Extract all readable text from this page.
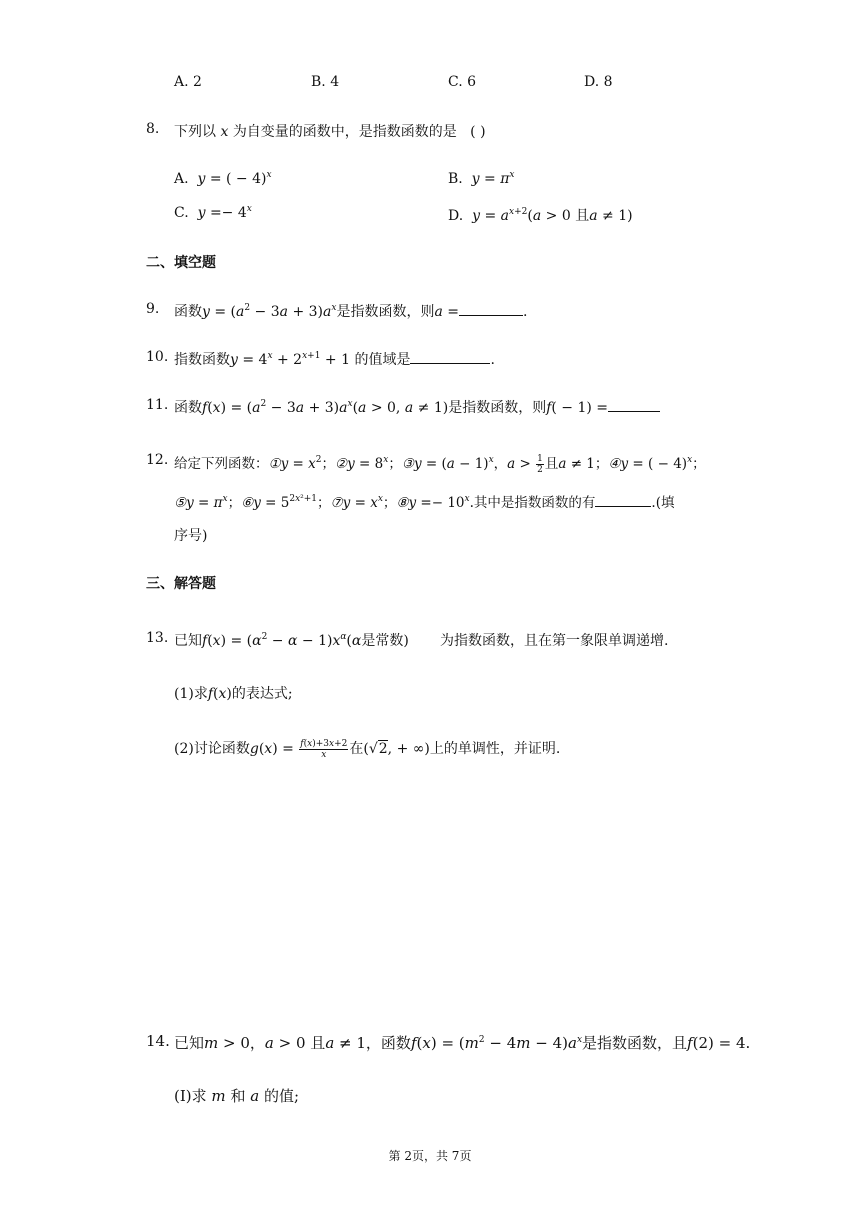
A. 2	B. 4	C. 6	D. 8
8. 下列以 x 为自变量的函数中，是指数函数的是 ( )
A. y = ( − 4)$^x$	B. $y = \pi^x$
C. $y =- 4^x$	D. $y = a^{x+2}(a > 0$ 且a ≠ 1)
二、填空题
9. 函数$y = (a^2 - 3a + 3)a^x$是指数函数，则a =	.
10. 指数函数$y = 4^x + 2^{x+1} + 1$ 的值域是	.
11. 函数$f(x) = (a^2 - 3a + 3)a^x(a > 0$, a ≠ 1)是指数函数，则f( − 1) =
12. 给定下列函数：①y = $x^2$；②y = $8^x$；③y = $(a - 1)^x$，$a > \frac{1}{2}$ 且a ≠ 1；④y = ( − 4)$^x$；
⑤y = $\pi^x$；⑥y = $5^{2x^2+1}$；⑦y = $x^x$；⑧y =− $10^x$.其中是指数函数的有	.(填
序号)
三、解答题
13. 已知$f(x) = (\alpha^2 - \alpha - 1)x^\alpha(\alpha$是常数)       为指数函数，且在第一象限单调递增.
(1)求f(x)的表达式;
(2)讨论函数$g(x) = \frac{f(x)+3x+2}{x}$ 在(√2, + ∞)上的单调性，并证明.
14. 已知m > 0，a > 0 且a ≠ 1，函数$f(x) = (m^2 - 4m - 4)a^x$是指数函数，且f(2) = 4.
(Ⅰ)求 m 和 a 的值;
第 2页，共 7页
